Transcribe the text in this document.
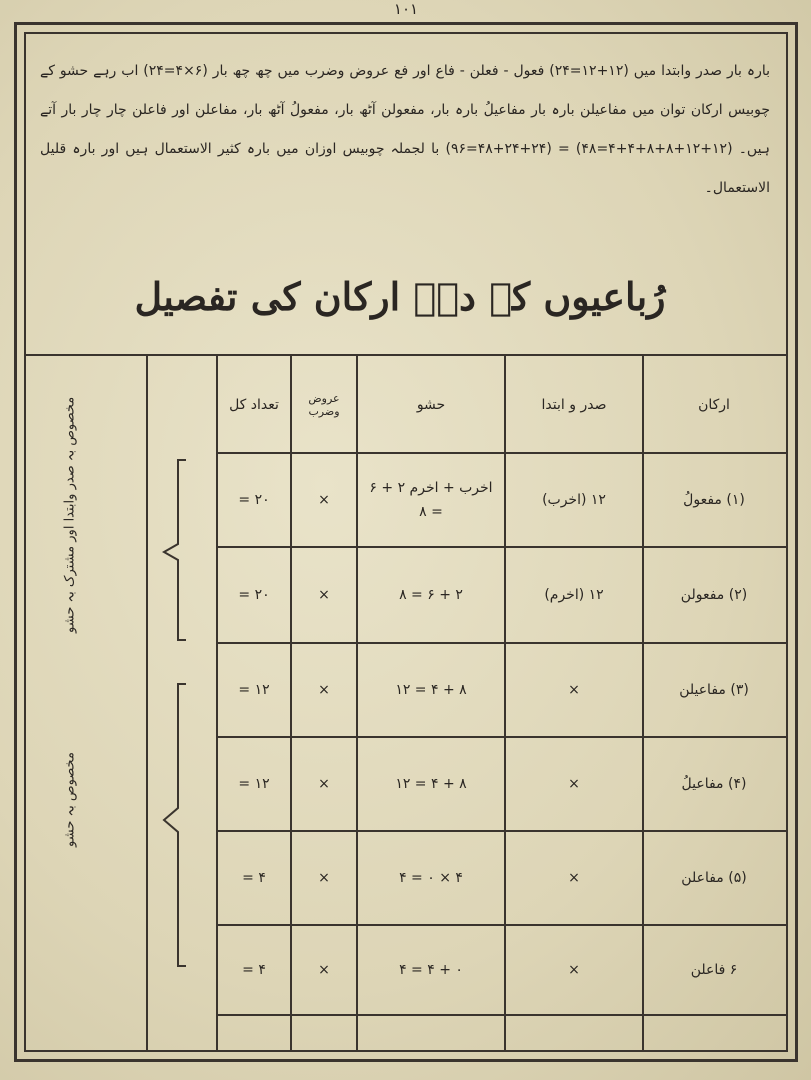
۱۰۱
بارہ بار صدر وابتدا میں (۱۲+۱۲=۲۴) فعول - فعلن - فاع اور فع عروض وضرب میں چھ چھ بار (۶×۴=۲۴) اب رہے حشو کے چوبیس ارکان توان میں مفاعیلن بارہ بار مفاعیلُ بارہ بار، مفعولن آٹھ بار، مفعولُ آٹھ بار، مفاعلن اور فاعلن چار چار بار آتے ہیں۔ (۱۲+۱۲+۸+۸+۴+۴=۴۸) = (۲۴+۲۴+۴۸=۹۶) با لجملہ چوبیس اوزان میں بارہ کثیر الاستعمال ہیں اور بارہ قلیل الاستعمال۔
رُباعیوں کے دسؔ ارکان کی تفصیل
ارکان
صدر و ابتدا
حشو
عروض وضرب
تعداد کل
(۱) مفعولُ
۱۲ (اخرب)
اخرب + اخرم ۲ + ۶ = ۸
×
۲۰ =
(۲) مفعولن
۱۲ (اخرم)
۲ + ۶ = ۸
×
۲۰ =
(۳) مفاعیلن
×
۸ + ۴ = ۱۲
×
۱۲ =
(۴) مفاعیلُ
×
۸ + ۴ = ۱۲
×
۱۲ =
(۵) مفاعلن
×
۴ × ۰ = ۴
×
۴ =
۶ فاعلن
×
۰ + ۴ = ۴
×
۴ =
مخصوص بہ صدر وابتدا اور مشترک بہ حشو
مخصوص بہ حشو
